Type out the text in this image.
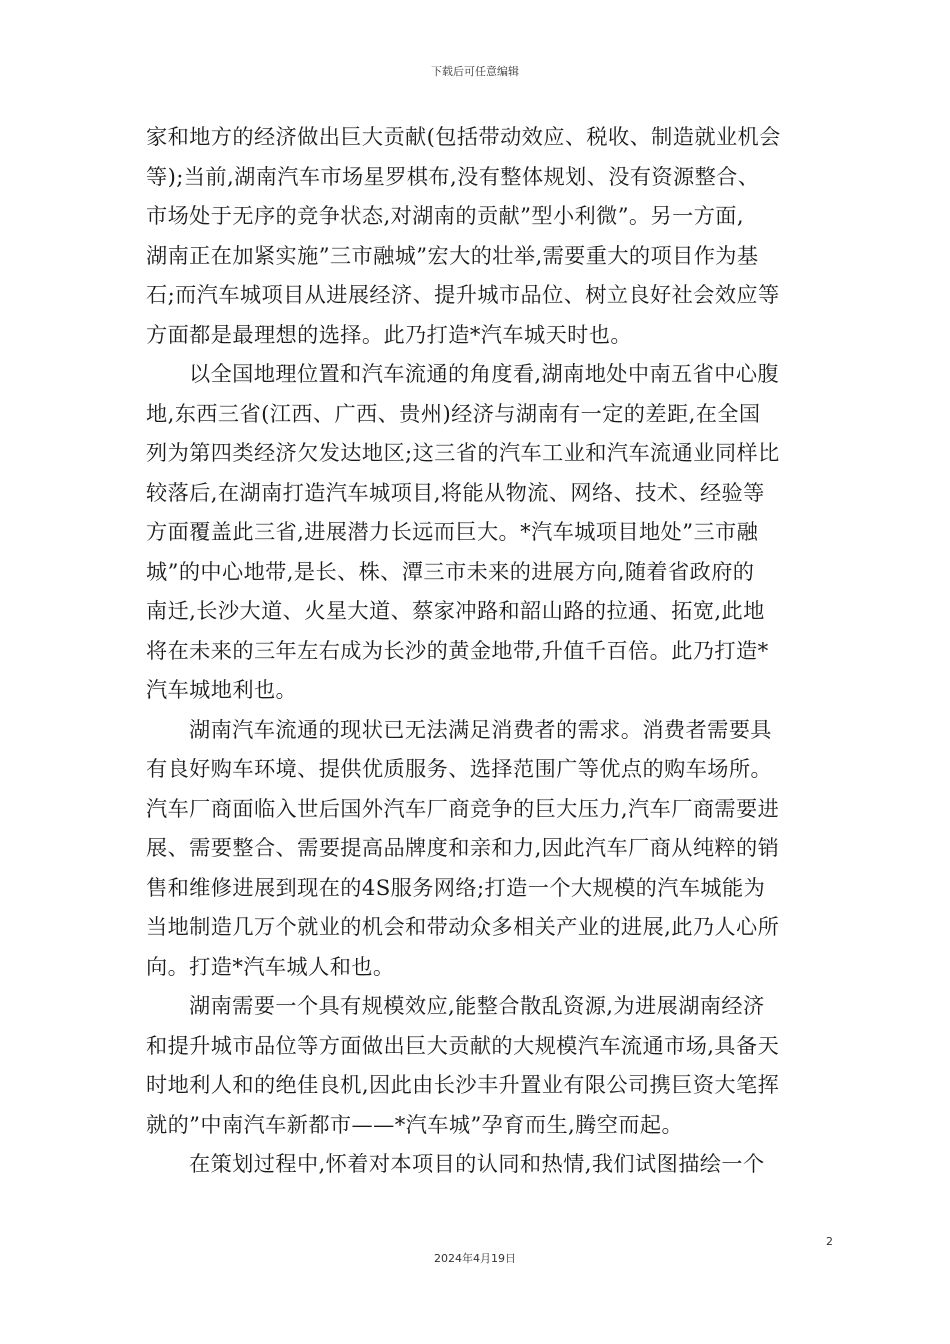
下载后可任意编辑
家和地方的经济做出巨大贡献(包括带动效应、税收、制造就业机会
等);当前,湖南汽车市场星罗棋布,没有整体规划、没有资源整合、
市场处于无序的竞争状态,对湖南的贡献”型小利微”。另一方面,
湖南正在加紧实施”三市融城”宏大的壮举,需要重大的项目作为基
石;而汽车城项目从进展经济、提升城市品位、树立良好社会效应等
方面都是最理想的选择。此乃打造*汽车城天时也。
以全国地理位置和汽车流通的角度看,湖南地处中南五省中心腹
地,东西三省(江西、广西、贵州)经济与湖南有一定的差距,在全国
列为第四类经济欠发达地区;这三省的汽车工业和汽车流通业同样比
较落后,在湖南打造汽车城项目,将能从物流、网络、技术、经验等
方面覆盖此三省,进展潜力长远而巨大。*汽车城项目地处”三市融
城”的中心地带,是长、株、潭三市未来的进展方向,随着省政府的
南迁,长沙大道、火星大道、蔡家冲路和韶山路的拉通、拓宽,此地
将在未来的三年左右成为长沙的黄金地带,升值千百倍。此乃打造*
汽车城地利也。
湖南汽车流通的现状已无法满足消费者的需求。消费者需要具
有良好购车环境、提供优质服务、选择范围广等优点的购车场所。
汽车厂商面临入世后国外汽车厂商竞争的巨大压力,汽车厂商需要进
展、需要整合、需要提高品牌度和亲和力,因此汽车厂商从纯粹的销
售和维修进展到现在的4S服务网络;打造一个大规模的汽车城能为
当地制造几万个就业的机会和带动众多相关产业的进展,此乃人心所
向。打造*汽车城人和也。
湖南需要一个具有规模效应,能整合散乱资源,为进展湖南经济
和提升城市品位等方面做出巨大贡献的大规模汽车流通市场,具备天
时地利人和的绝佳良机,因此由长沙丰升置业有限公司携巨资大笔挥
就的”中南汽车新都市——*汽车城”孕育而生,腾空而起。
在策划过程中,怀着对本项目的认同和热情,我们试图描绘一个
2
2024年4月19日
